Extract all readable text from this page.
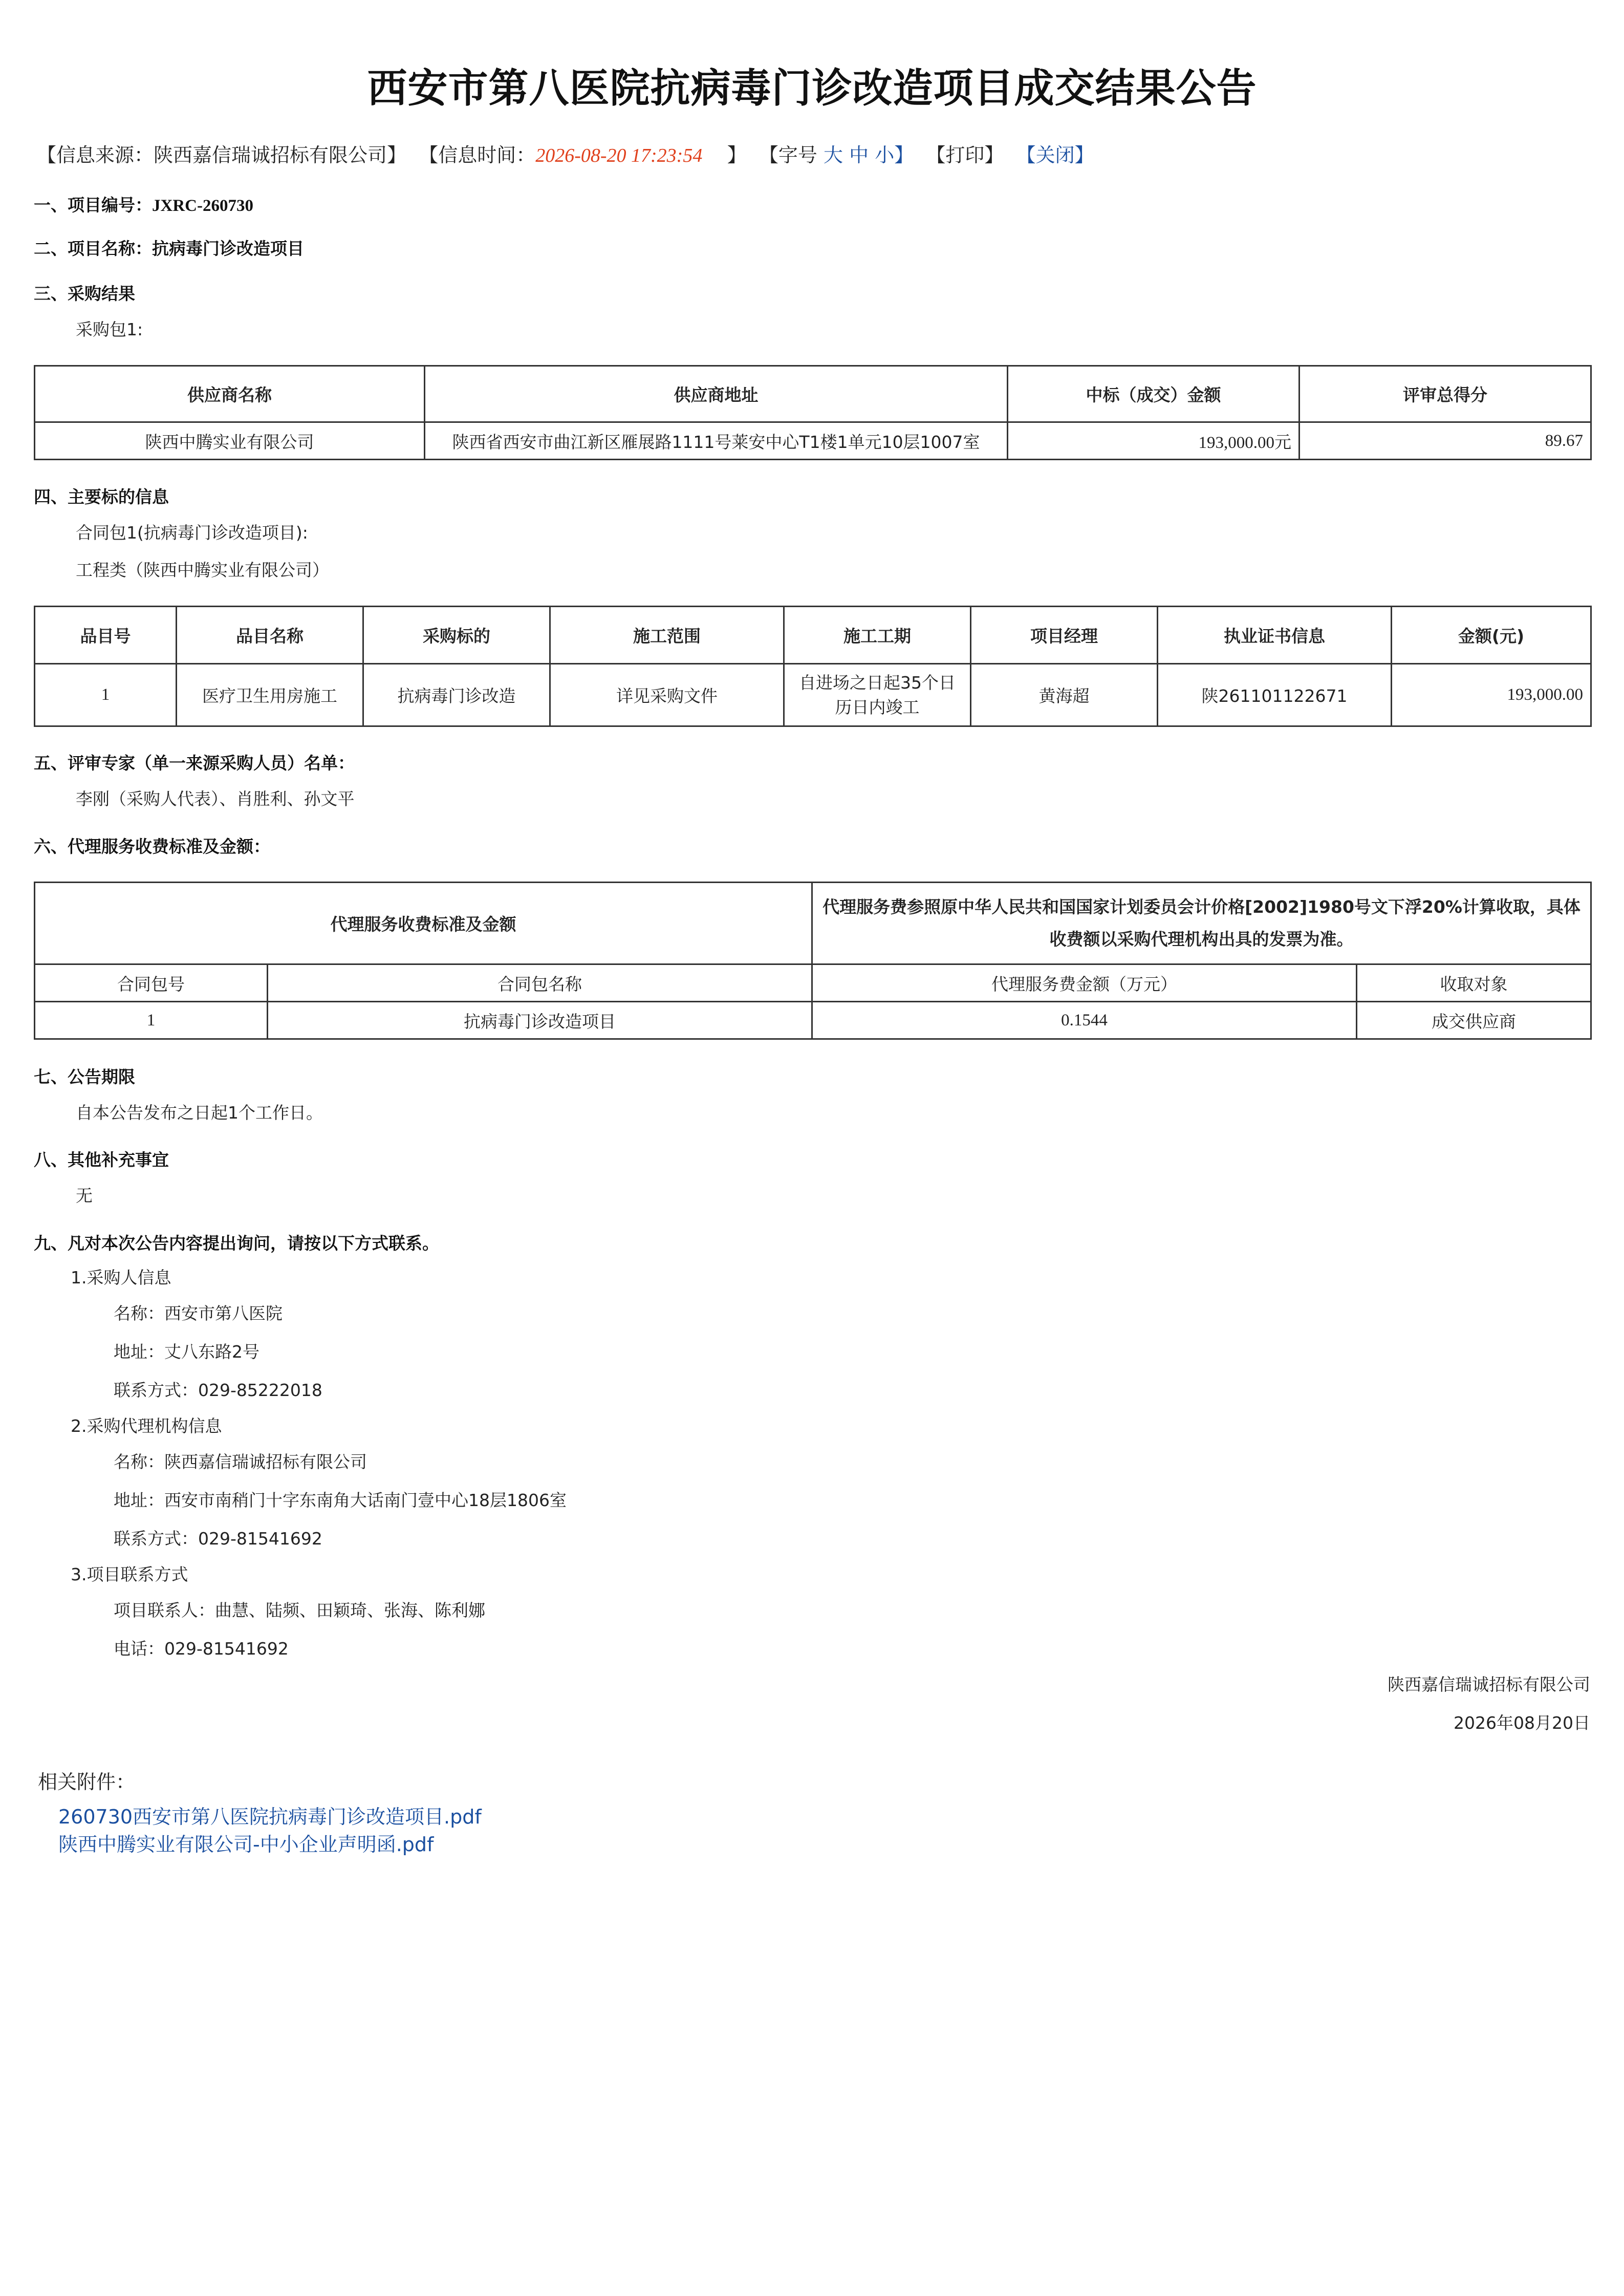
西安市第八医院抗病毒门诊改造项目成交结果公告
【信息来源：陕西嘉信瑞诚招标有限公司】 【信息时间：2026-08-20 17:23:54 】 【字号 大 中 小】 【打印】 【关闭】
一、项目编号：JXRC-260730
二、项目名称：抗病毒门诊改造项目
三、采购结果
采购包1:
供应商名称	供应商地址	中标（成交）金额	评审总得分
陕西中腾实业有限公司	陕西省西安市曲江新区雁展路1111号莱安中心T1楼1单元10层1007室	193,000.00元	89.67
四、主要标的信息
合同包1(抗病毒门诊改造项目):
工程类（陕西中腾实业有限公司）
品目号	品目名称	采购标的	施工范围	施工工期	项目经理	执业证书信息	金额(元)
1	医疗卫生用房施工	抗病毒门诊改造	详见采购文件	自进场之日起35个日历日内竣工	黄海超	陕261101122671	193,000.00
五、评审专家（单一来源采购人员）名单：
李刚（采购人代表）、肖胜利、孙文平
六、代理服务收费标准及金额：
代理服务收费标准及金额		代理服务费参照原中华人民共和国国家计划委员会计价格[2002]1980号文下浮20%计算收取，具体收费额以采购代理机构出具的发票为准。	
合同包号	合同包名称	代理服务费金额（万元）	收取对象
1	抗病毒门诊改造项目	0.1544	成交供应商
七、公告期限
自本公告发布之日起1个工作日。
八、其他补充事宜
无
九、凡对本次公告内容提出询问，请按以下方式联系。
1.采购人信息
名称：西安市第八医院
地址：丈八东路2号
联系方式：029-85222018
2.采购代理机构信息
名称：陕西嘉信瑞诚招标有限公司
地址：西安市南稍门十字东南角大话南门壹中心18层1806室
联系方式：029-81541692
3.项目联系方式
项目联系人：曲慧、陆频、田颖琦、张海、陈利娜
电话：029-81541692
陕西嘉信瑞诚招标有限公司
2026年08月20日
相关附件：
260730西安市第八医院抗病毒门诊改造项目.pdf
陕西中腾实业有限公司-中小企业声明函.pdf
